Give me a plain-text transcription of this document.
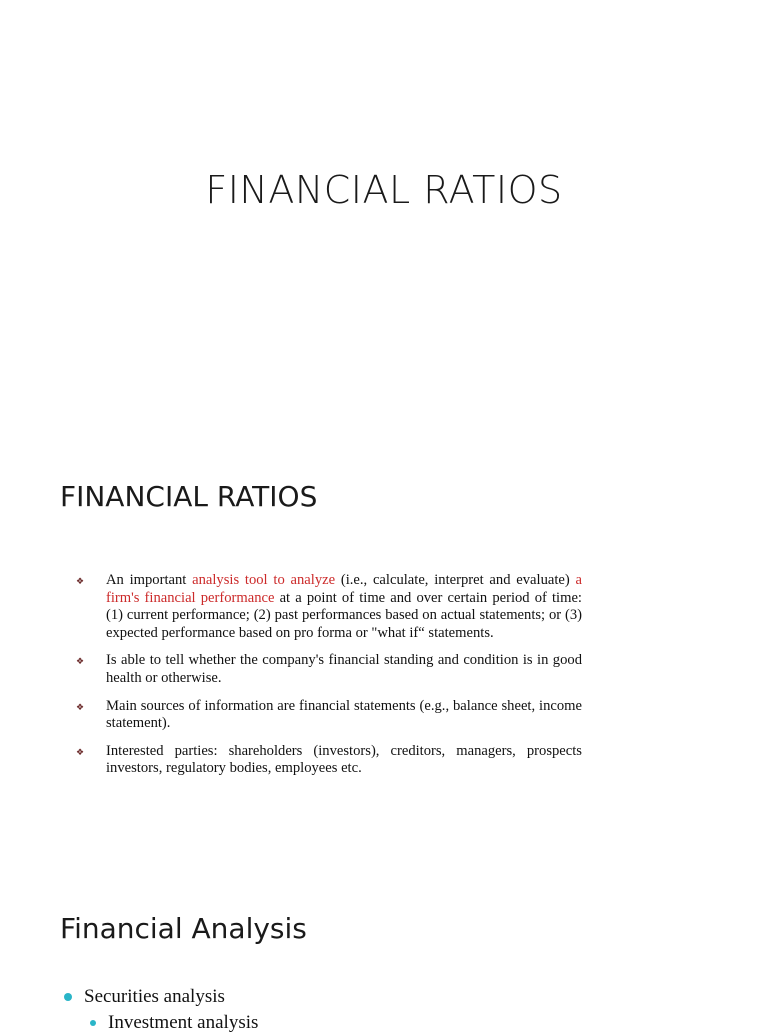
FINANCIAL RATIOS
FINANCIAL RATIOS
❖ An important analysis tool to analyze (i.e., calculate, interpret and evaluate) a firm's financial performance at a point of time and over certain period of time: (1) current performance; (2) past performances based on actual statements; or (3) expected performance based on pro forma or "what if“ statements.
❖ Is able to tell whether the company's financial standing and condition is in good health or otherwise.
❖ Main sources of information are financial statements (e.g., balance sheet, income statement).
❖ Interested parties: shareholders (investors), creditors, managers, prospects investors, regulatory bodies, employees etc.
Financial Analysis
Securities analysis
Investment analysis
